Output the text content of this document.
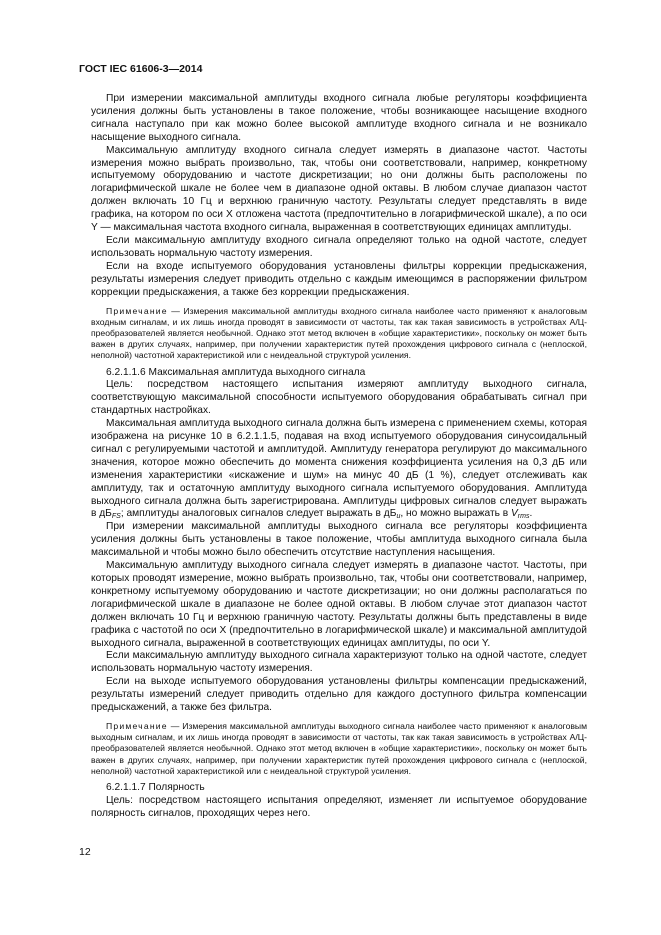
ГОСТ IEC 61606-3—2014

При измерении максимальной амплитуды входного сигнала любые регуляторы коэффициента усиления должны быть установлены в такое положение, чтобы возникающее насыщение входного сигнала наступало при как можно более высокой амплитуде входного сигнала и не возникало насыщение выходного сигнала.

Максимальную амплитуду входного сигнала следует измерять в диапазоне частот. Частоты измерения можно выбрать произвольно, так, чтобы они соответствовали, например, конкретному испытуемому оборудованию и частоте дискретизации; но они должны быть расположены по логарифмической шкале не более чем в диапазоне одной октавы. В любом случае диапазон частот должен включать 10 Гц и верхнюю граничную частоту. Результаты следует представлять в виде графика, на котором по оси X отложена частота (предпочтительно в логарифмической шкале), а по оси Y — максимальная частота входного сигнала, выраженная в соответствующих единицах амплитуды.

Если максимальную амплитуду входного сигнала определяют только на одной частоте, следует использовать нормальную частоту измерения.

Если на входе испытуемого оборудования установлены фильтры коррекции предыскажения, результаты измерения следует приводить отдельно с каждым имеющимся в распоряжении фильтром коррекции предыскажения, а также без коррекции предыскажения.

Примечание — Измерения максимальной амплитуды входного сигнала наиболее часто применяют к аналоговым входным сигналам, и их лишь иногда проводят в зависимости от частоты, так как такая зависимость в устройствах А/Ц-преобразователей является необычной. Однако этот метод включен в «общие характеристики», поскольку он может быть важен в других случаях, например, при получении характеристик путей прохождения цифрового сигнала с (неплоской, неполной) частотной характеристикой или с неидеальной структурой усиления.

6.2.1.1.6 Максимальная амплитуда выходного сигнала

Цель: посредством настоящего испытания измеряют амплитуду выходного сигнала, соответствующую максимальной способности испытуемого оборудования обрабатывать сигнал при стандартных настройках.

Максимальная амплитуда выходного сигнала должна быть измерена с применением схемы, которая изображена на рисунке 10 в 6.2.1.1.5, подавая на вход испытуемого оборудования синусоидальный сигнал с регулируемыми частотой и амплитудой. Амплитуду генератора регулируют до максимального значения, которое можно обеспечить до момента снижения коэффициента усиления на 0,3 дБ или изменения характеристики «искажение и шум» на минус 40 дБ (1 %), следует отслеживать как амплитуду, так и остаточную амплитуду выходного сигнала испытуемого оборудования. Амплитуда выходного сигнала должна быть зарегистрирована. Амплитуды цифровых сигналов следует выражать в $дБ_{FS}$; амплитуды аналоговых сигналов следует выражать в $дБ_u$, но можно выражать в $V_{rms}$.

При измерении максимальной амплитуды выходного сигнала все регуляторы коэффициента усиления должны быть установлены в такое положение, чтобы амплитуда выходного сигнала была максимальной и чтобы можно было обеспечить отсутствие наступления насыщения.

Максимальную амплитуду выходного сигнала следует измерять в диапазоне частот. Частоты, при которых проводят измерение, можно выбрать произвольно, так, чтобы они соответствовали, например, конкретному испытуемому оборудованию и частоте дискретизации; но они должны располагаться по логарифмической шкале в диапазоне не более одной октавы. В любом случае этот диапазон частот должен включать 10 Гц и верхнюю граничную частоту. Результаты должны быть представлены в виде графика с частотой по оси X (предпочтительно в логарифмической шкале) и максимальной амплитудой выходного сигнала, выраженной в соответствующих единицах амплитуды, по оси Y.

Если максимальную амплитуду выходного сигнала характеризуют только на одной частоте, следует использовать нормальную частоту измерения.

Если на выходе испытуемого оборудования установлены фильтры компенсации предыскажений, результаты измерений следует приводить отдельно для каждого доступного фильтра компенсации предыскажений, а также без фильтра.

Примечание — Измерения максимальной амплитуды выходного сигнала наиболее часто применяют к аналоговым выходным сигналам, и их лишь иногда проводят в зависимости от частоты, так как такая зависимость в устройствах А/Ц-преобразователей является необычной. Однако этот метод включен в «общие характеристики», поскольку он может быть важен в других случаях, например, при получении характеристик путей прохождения цифрового сигнала с (неплоской, неполной) частотной характеристикой или с неидеальной структурой усиления.

6.2.1.1.7 Полярность

Цель: посредством настоящего испытания определяют, изменяет ли испытуемое оборудование полярность сигналов, проходящих через него.

12
